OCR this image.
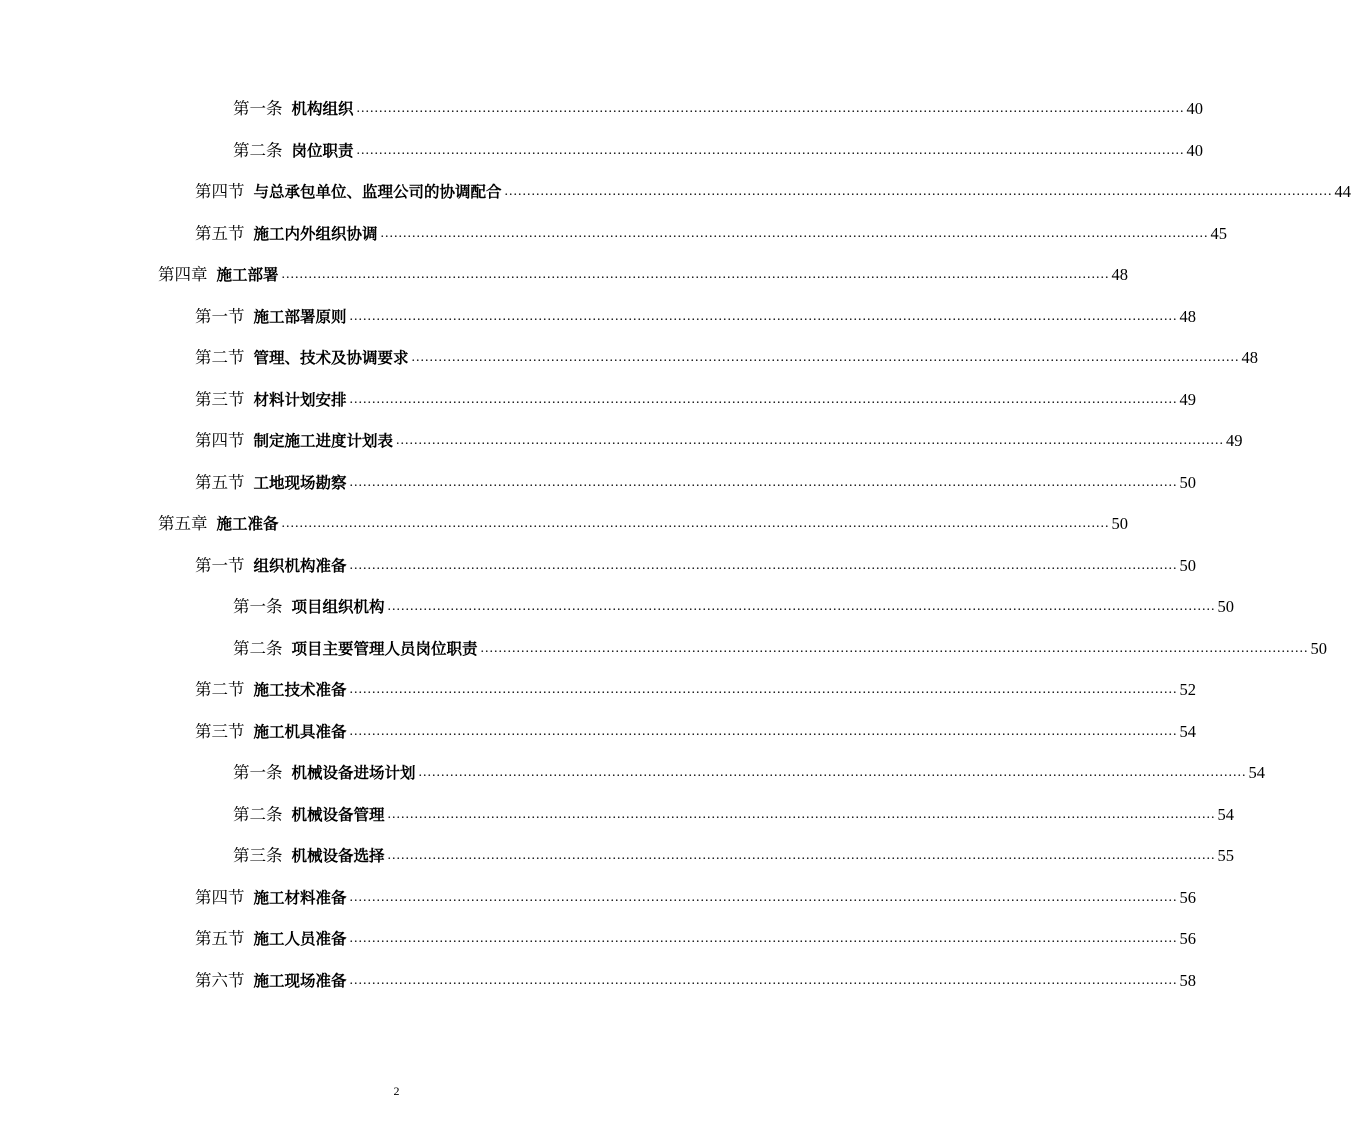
第一条 机构组织 ........................................................................................................................................................................................ 40
第二条 岗位职责 ........................................................................................................................................................................................ 40
第四节 与总承包单位、监理公司的协调配合 ........................................................................................................................................................................................ 44
第五节 施工内外组织协调 ........................................................................................................................................................................................ 45
第四章 施工部署 ........................................................................................................................................................................................ 48
第一节 施工部署原则 ........................................................................................................................................................................................ 48
第二节 管理、技术及协调要求 ........................................................................................................................................................................................ 48
第三节 材料计划安排 ........................................................................................................................................................................................ 49
第四节 制定施工进度计划表 ........................................................................................................................................................................................ 49
第五节 工地现场勘察 ........................................................................................................................................................................................ 50
第五章 施工准备 ........................................................................................................................................................................................ 50
第一节 组织机构准备 ........................................................................................................................................................................................ 50
第一条 项目组织机构 ........................................................................................................................................................................................ 50
第二条 项目主要管理人员岗位职责 ........................................................................................................................................................................................ 50
第二节 施工技术准备 ........................................................................................................................................................................................ 52
第三节 施工机具准备 ........................................................................................................................................................................................ 54
第一条 机械设备进场计划 ........................................................................................................................................................................................ 54
第二条 机械设备管理 ........................................................................................................................................................................................ 54
第三条 机械设备选择 ........................................................................................................................................................................................ 55
第四节 施工材料准备 ........................................................................................................................................................................................ 56
第五节 施工人员准备 ........................................................................................................................................................................................ 56
第六节 施工现场准备 ........................................................................................................................................................................................ 58
2
